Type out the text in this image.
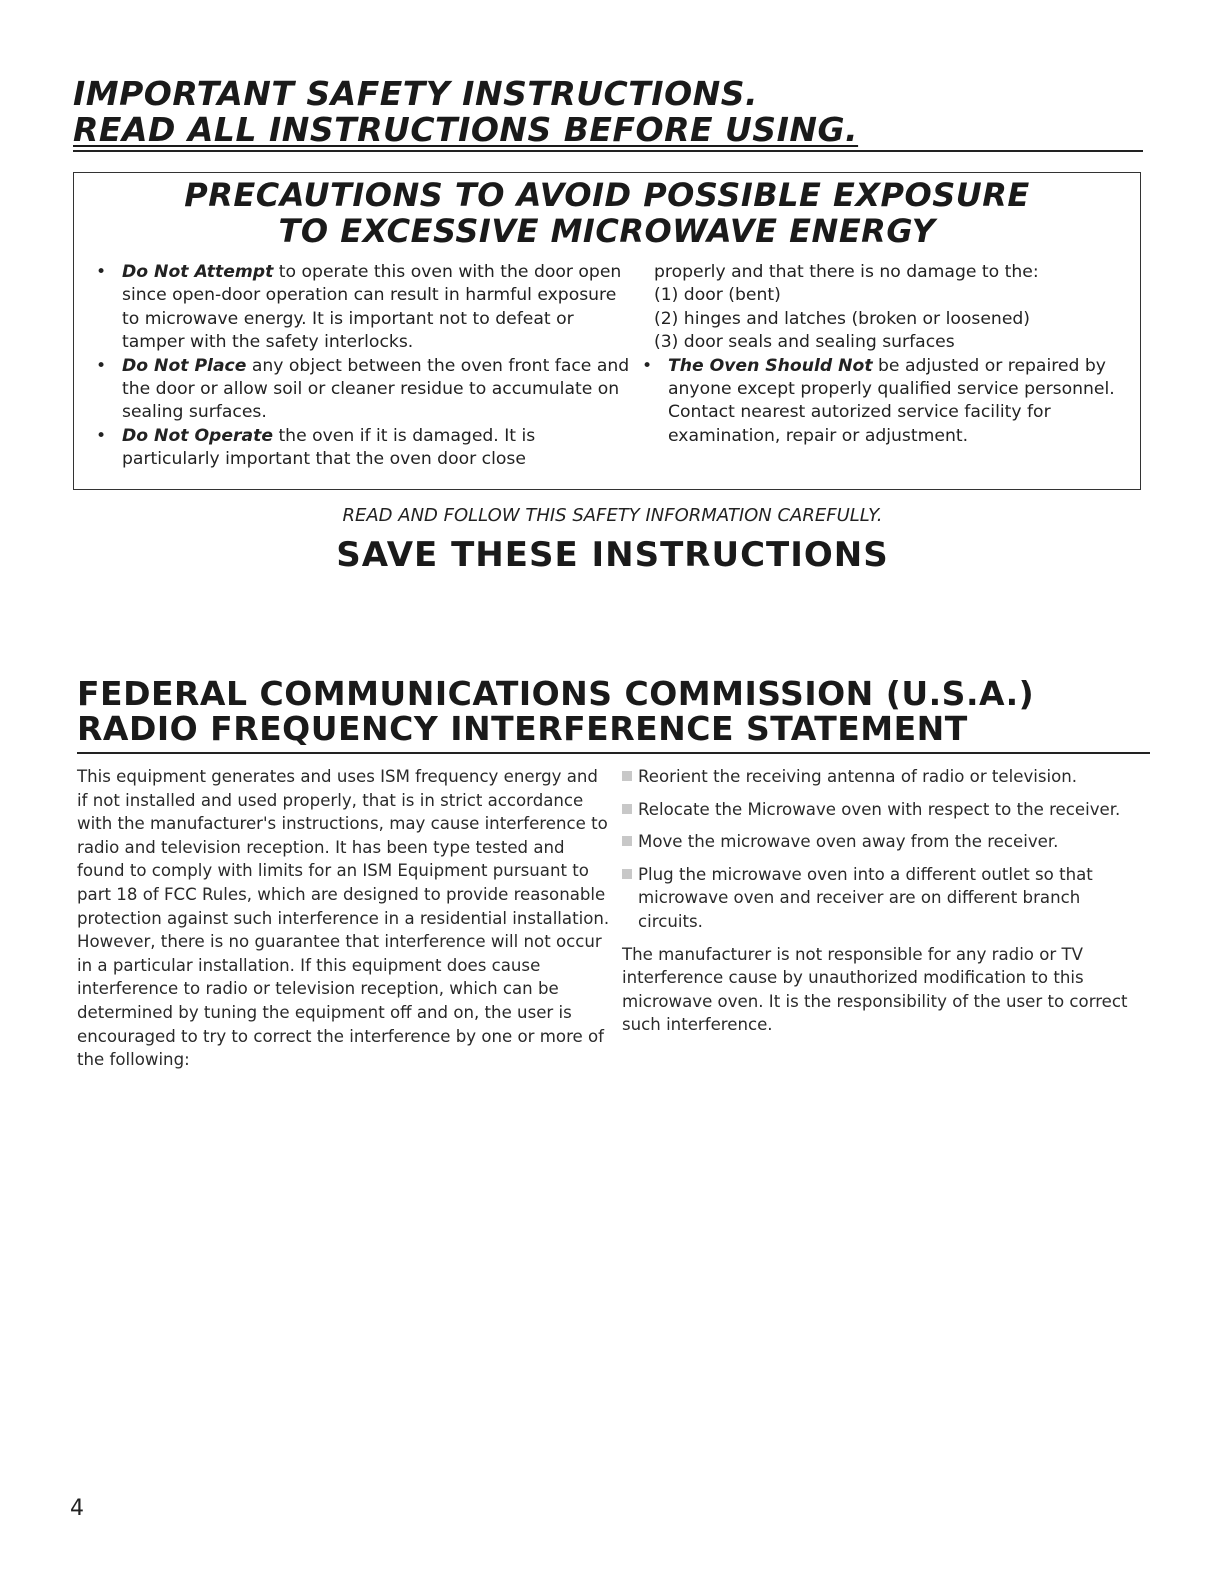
IMPORTANT SAFETY INSTRUCTIONS.
READ ALL INSTRUCTIONS BEFORE USING.
PRECAUTIONS TO AVOID POSSIBLE EXPOSURE
TO EXCESSIVE MICROWAVE ENERGY
• Do Not Attempt to operate this oven with the door open since open-door operation can result in harmful exposure to microwave energy. It is important not to defeat or tamper with the safety interlocks.
• Do Not Place any object between the oven front face and the door or allow soil or cleaner residue to accumulate on sealing surfaces.
• Do Not Operate the oven if it is damaged. It is particularly important that the oven door close
properly and that there is no damage to the:
(1) door (bent)
(2) hinges and latches (broken or loosened)
(3) door seals and sealing surfaces
• The Oven Should Not be adjusted or repaired by anyone except properly qualified service personnel. Contact nearest autorized service facility for examination, repair or adjustment.
READ AND FOLLOW THIS SAFETY INFORMATION CAREFULLY.
SAVE THESE INSTRUCTIONS
FEDERAL COMMUNICATIONS COMMISSION (U.S.A.)
RADIO FREQUENCY INTERFERENCE STATEMENT
This equipment generates and uses ISM frequency energy and if not installed and used properly, that is in strict accordance with the manufacturer's instructions, may cause interference to radio and television reception. It has been type tested and found to comply with limits for an ISM Equipment pursuant to part 18 of FCC Rules, which are designed to provide reasonable protection against such interference in a residential installation. However, there is no guarantee that interference will not occur in a particular installation. If this equipment does cause interference to radio or television reception, which can be determined by tuning the equipment off and on, the user is encouraged to try to correct the interference by one or more of the following:
Reorient the receiving antenna of radio or television.
Relocate the Microwave oven with respect to the receiver.
Move the microwave oven away from the receiver.
Plug the microwave oven into a different outlet so that microwave oven and receiver are on different branch circuits.
The manufacturer is not responsible for any radio or TV interference cause by unauthorized modification to this microwave oven. It is the responsibility of the user to correct such interference.
4
